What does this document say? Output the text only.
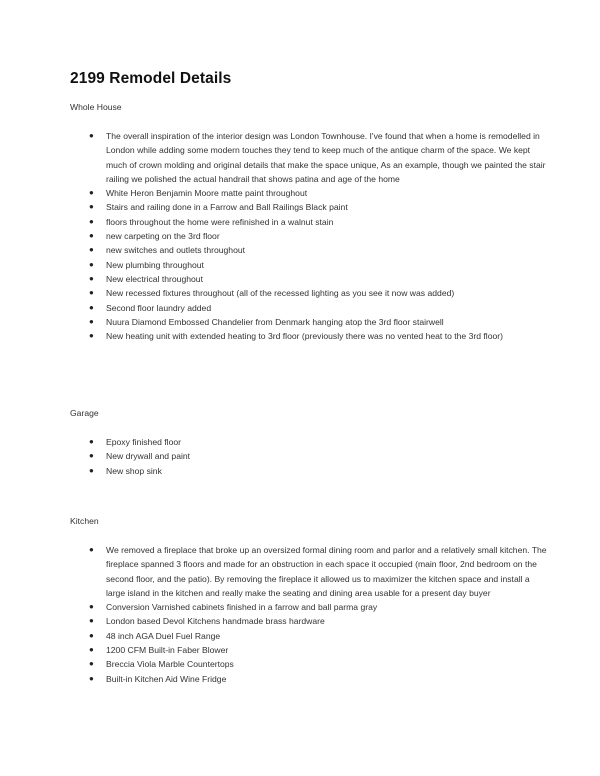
2199 Remodel Details

Whole House

● The overall inspiration of the interior design was London Townhouse. I've found that when a home is remodelled in London while adding some modern touches they tend to keep much of the antique charm of the space. We kept much of crown molding and original details that make the space unique, As an example, though we painted the stair railing we polished the actual handrail that shows patina and age of the home
● White Heron Benjamin Moore matte paint throughout
● Stairs and railing done in a Farrow and Ball Railings Black paint
● floors throughout the home were refinished in a walnut stain
● new carpeting on the 3rd floor
● new switches and outlets throughout
● New plumbing throughout
● New electrical throughout
● New recessed fixtures throughout (all of the recessed lighting as you see it now was added)
● Second floor laundry added
● Nuura Diamond Embossed Chandelier from Denmark hanging atop the 3rd floor stairwell
● New heating unit with extended heating to 3rd floor (previously there was no vented heat to the 3rd floor)

Garage

● Epoxy finished floor
● New drywall and paint
● New shop sink

Kitchen

● We removed a fireplace that broke up an oversized formal dining room and parlor and a relatively small kitchen. The fireplace spanned 3 floors and made for an obstruction in each space it occupied (main floor, 2nd bedroom on the second floor, and the patio). By removing the fireplace it allowed us to maximizer the kitchen space and install a large island in the kitchen and really make the seating and dining area usable for a present day buyer
● Conversion Varnished cabinets finished in a farrow and ball parma gray
● London based Devol Kitchens handmade brass hardware
● 48 inch AGA Duel Fuel Range
● 1200 CFM Built-in Faber Blower
● Breccia Viola Marble Countertops
● Built-in Kitchen Aid Wine Fridge
